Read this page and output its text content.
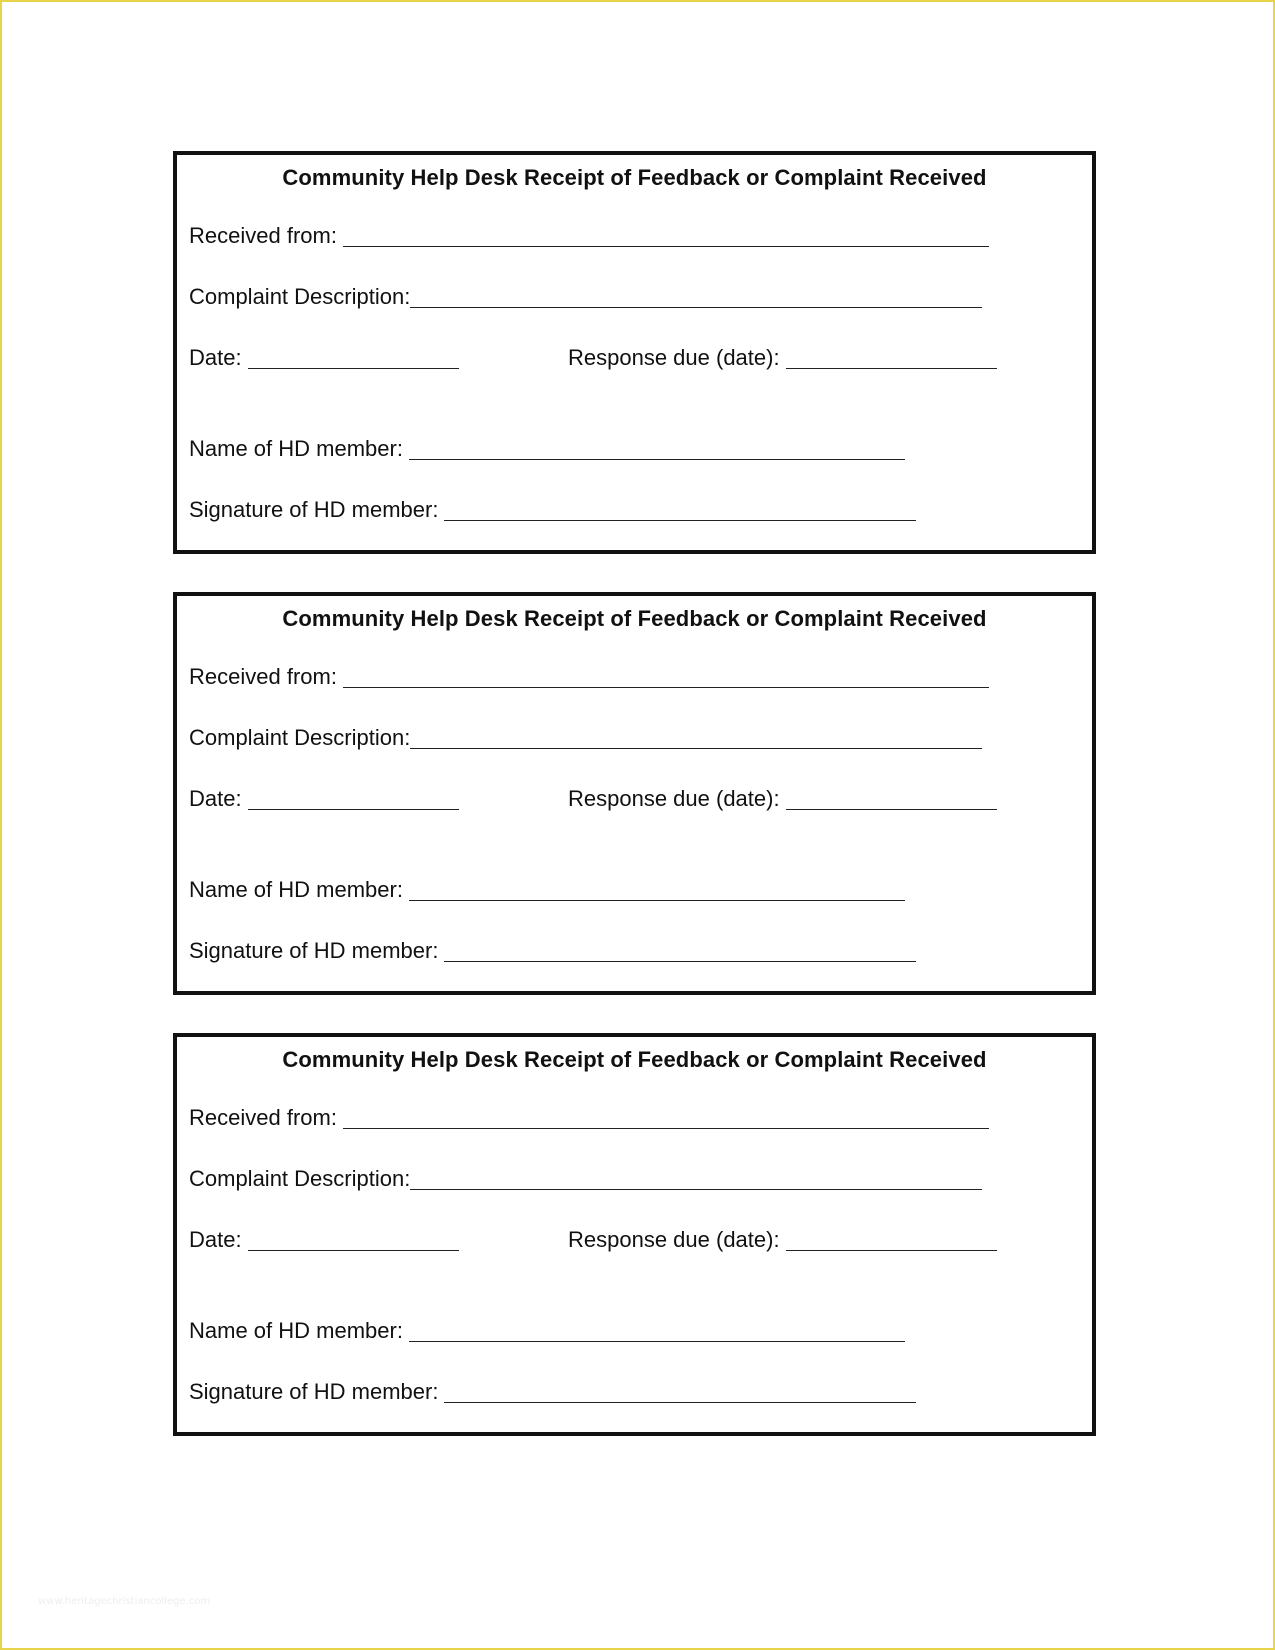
Community Help Desk Receipt of Feedback or Complaint Received
Received from:
Complaint Description:
Date:	Response due (date):
Name of HD member:
Signature of HD member:
Community Help Desk Receipt of Feedback or Complaint Received
Received from:
Complaint Description:
Date:	Response due (date):
Name of HD member:
Signature of HD member:
Community Help Desk Receipt of Feedback or Complaint Received
Received from:
Complaint Description:
Date:	Response due (date):
Name of HD member:
Signature of HD member:
www.heritagechristiancollege.com
